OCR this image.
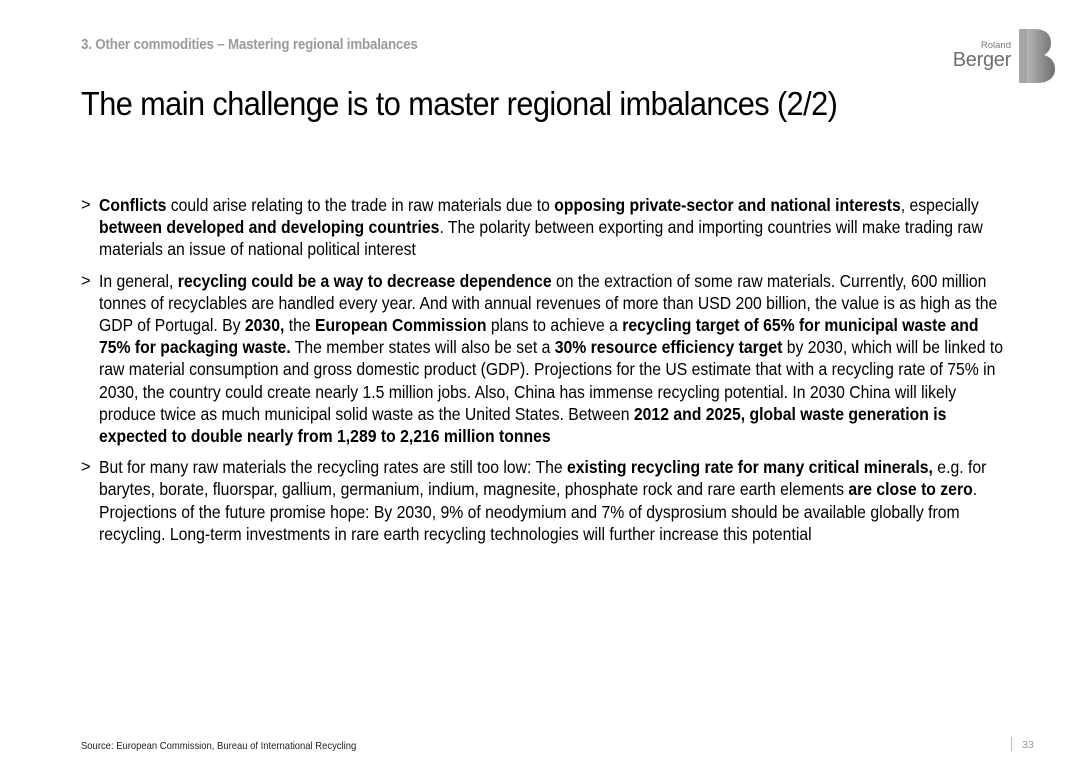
3. Other commodities – Mastering regional imbalances	Roland
Berger
The main challenge is to master regional imbalances (2/2)
> Conflicts could arise relating to the trade in raw materials due to opposing private-sector and national interests, especially between developed and developing countries. The polarity between exporting and importing countries will make trading raw materials an issue of national political interest
> In general, recycling could be a way to decrease dependence on the extraction of some raw materials. Currently, 600 million tonnes of recyclables are handled every year. And with annual revenues of more than USD 200 billion, the value is as high as the GDP of Portugal. By 2030, the European Commission plans to achieve a recycling target of 65% for municipal waste and 75% for packaging waste. The member states will also be set a 30% resource efficiency target by 2030, which will be linked to raw material consumption and gross domestic product (GDP). Projections for the US estimate that with a recycling rate of 75% in 2030, the country could create nearly 1.5 million jobs. Also, China has immense recycling potential. In 2030 China will likely produce twice as much municipal solid waste as the United States. Between 2012 and 2025, global waste generation is expected to double nearly from 1,289 to 2,216 million tonnes
> But for many raw materials the recycling rates are still too low: The existing recycling rate for many critical minerals, e.g. for barytes, borate, fluorspar, gallium, germanium, indium, magnesite, phosphate rock and rare earth elements are close to zero. Projections of the future promise hope: By 2030, 9% of neodymium and 7% of dysprosium should be available globally from recycling. Long-term investments in rare earth recycling technologies will further increase this potential
Source: European Commission, Bureau of International Recycling	33
